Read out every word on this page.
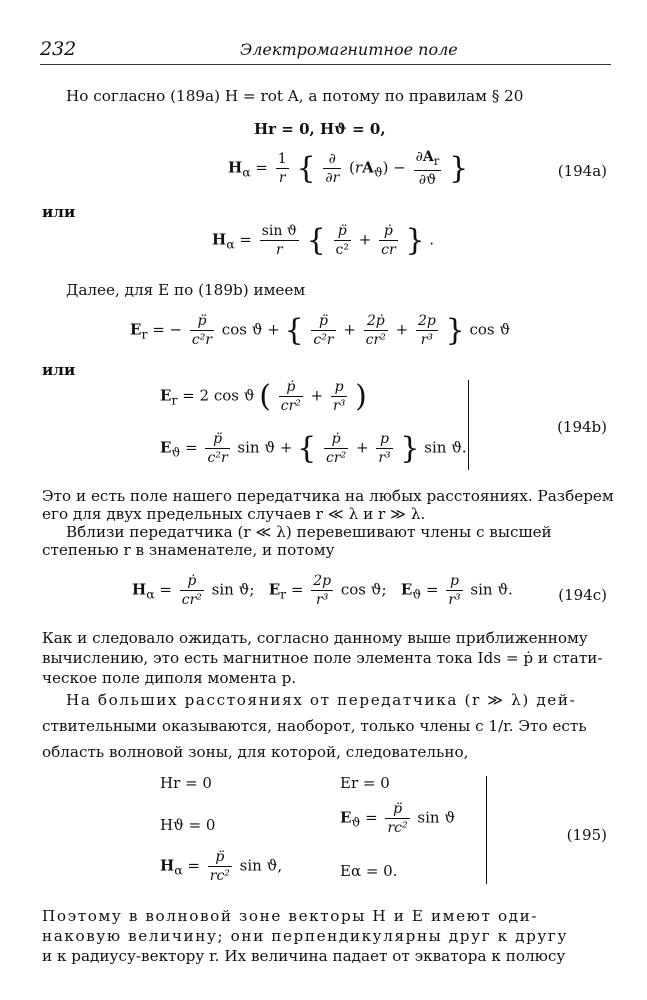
232	Электромагнитное поле
Но согласно (189a) H = rot A, а потому по правилам § 20
Hr = 0, Hϑ = 0,
$H_\alpha = \frac{1}{r}$ { $\frac{\partial}{\partial r} (rA_ϑ) - \frac{\partial A_r}{\partial ϑ}$ }	(194a)
или
$H_\alpha = \frac{\text{sin ϑ}}{r}$ { $\frac{p̈}{\text{c²}} + \frac{\text{ṗ}}{cr}$ } .
Далее, для E по (189b) имеем
$E_r$ = − $\frac{p̈}{\text{c²r}}$ cos ϑ + { $\frac{p̈}{\text{c²r}} + \frac{\text{2ṗ}}{\text{cr²}} + \frac{2p}{\text{r³}}$ } cos ϑ
или
$E_r = 2$ cos ϑ ( $\frac{\text{ṗ}}{\text{cr²}} + \frac{p}{\text{r³}}$ )
$E_ϑ = \frac{p̈}{\text{c²r}}$ sin ϑ + { $\frac{\text{ṗ}}{\text{cr²}} + \frac{p}{\text{r³}}$ } sin ϑ.
(194b)
Это и есть поле нашего передатчика на любых расстояниях. Разберем
его для двух предельных случаев r ≪ λ и r ≫ λ.
Вблизи передатчика (r ≪ λ) перевешивают члены с высшей
степенью r в знаменателе, и потому
$H_\alpha = \frac{\text{ṗ}}{\text{cr²}}$ sin ϑ;   $E_r = \frac{2p}{\text{r³}}$ cos ϑ;   $E_ϑ = \frac{p}{\text{r³}}$ sin ϑ.	(194c)
Как и следовало ожидать, согласно данному выше приближенному
вычислению, это есть магнитное поле элемента тока Ids = ṗ и стати-
ческое поле диполя момента p.
На больших расстояниях от передатчика (r ≫ λ) дей-
ствительными оказываются, наоборот, только члены с 1/r. Это есть
область волновой зоны, для которой, следовательно,
Hr = 0	Er = 0
Hϑ = 0	$E_ϑ = \frac{p̈}{\text{rc²}}$ sin ϑ
$H_\alpha = \frac{p̈}{\text{rc²}}$ sin ϑ,	Eα = 0.
(195)
Поэтому в волновой зоне векторы H и E имеют оди-
наковую величину; они перпендикулярны друг к другу
и к радиусу-вектору r. Их величина падает от экватора к полюсу
